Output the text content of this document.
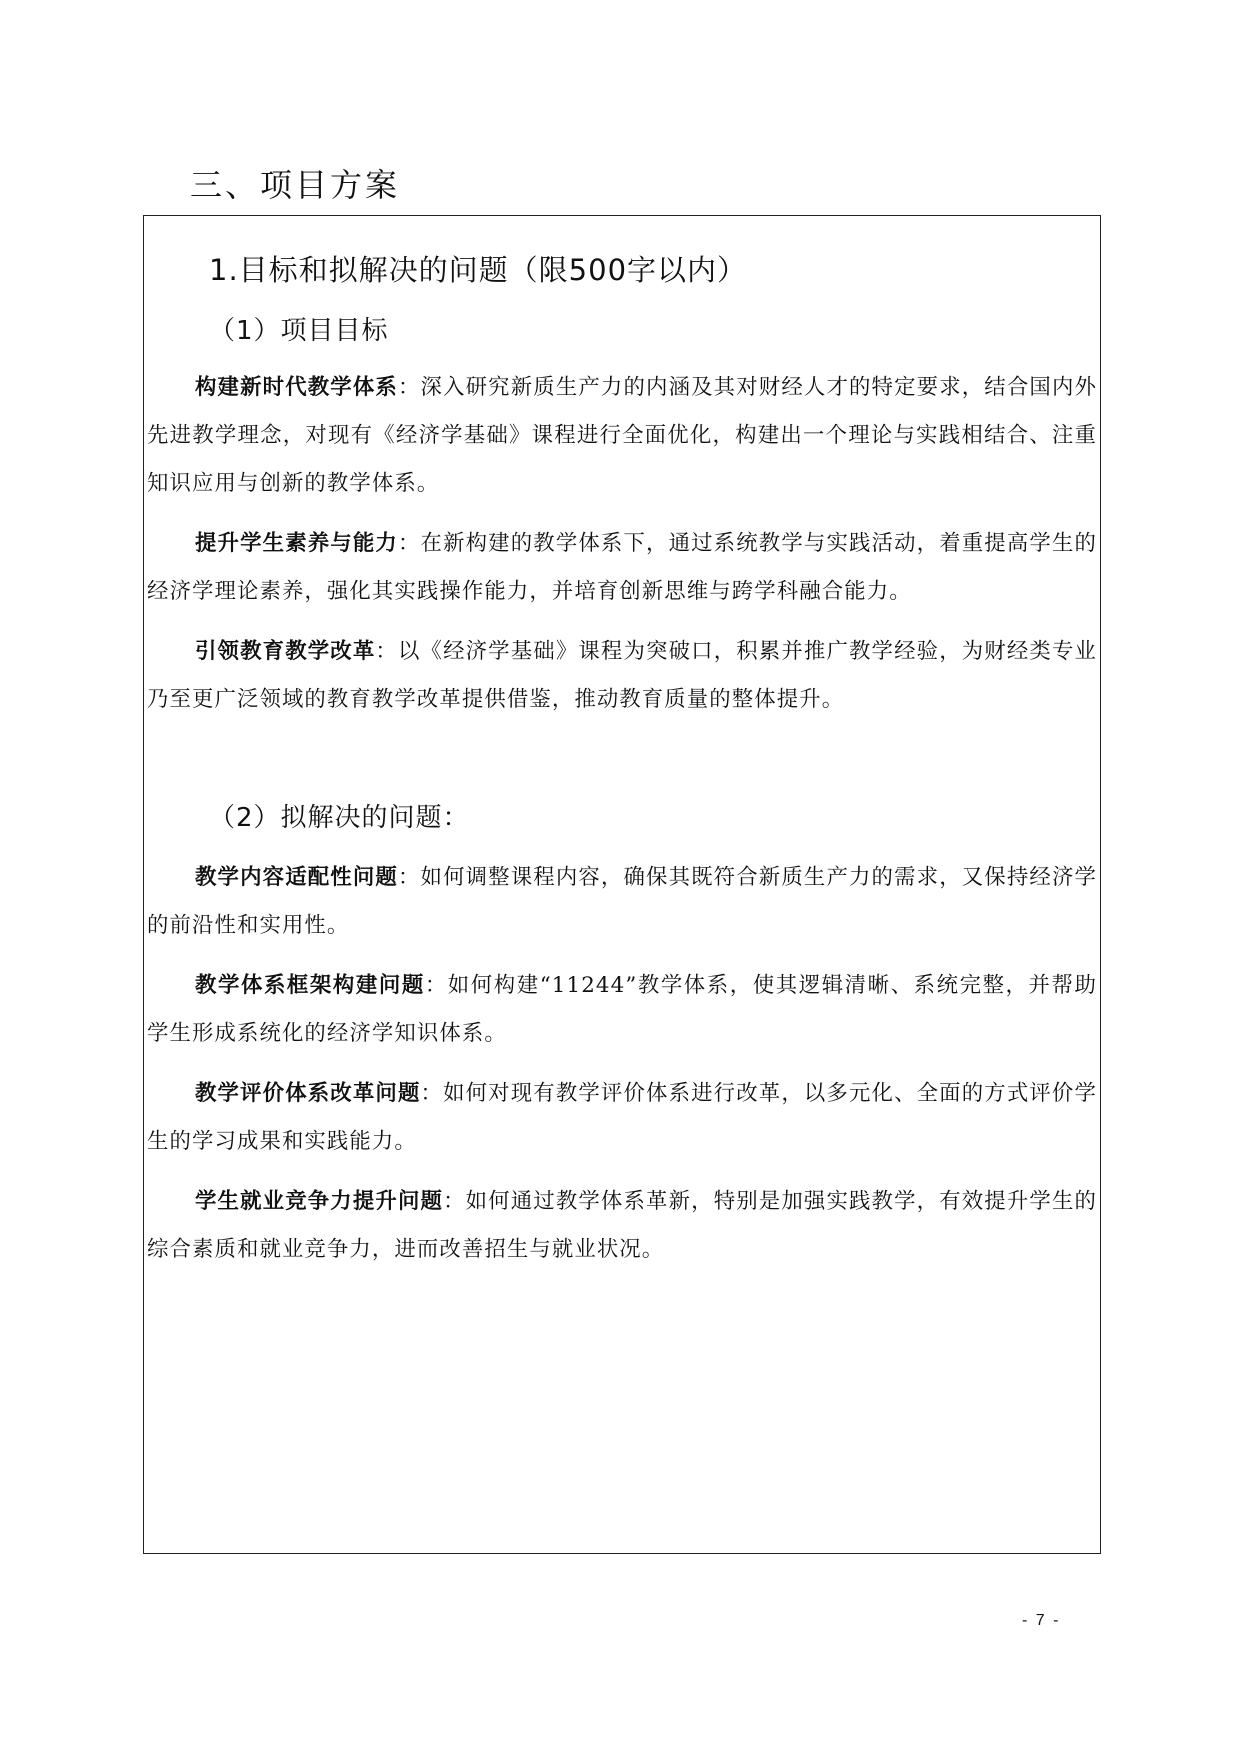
三、项目方案
1.目标和拟解决的问题（限500字以内）
（1）项目目标

构建新时代教学体系：深入研究新质生产力的内涵及其对财经人才的特定要求，结合国内外先进教学理念，对现有《经济学基础》课程进行全面优化，构建出一个理论与实践相结合、注重知识应用与创新的教学体系。

提升学生素养与能力：在新构建的教学体系下，通过系统教学与实践活动，着重提高学生的经济学理论素养，强化其实践操作能力，并培育创新思维与跨学科融合能力。

引领教育教学改革：以《经济学基础》课程为突破口，积累并推广教学经验，为财经类专业乃至更广泛领域的教育教学改革提供借鉴，推动教育质量的整体提升。

（2）拟解决的问题：

教学内容适配性问题：如何调整课程内容，确保其既符合新质生产力的需求，又保持经济学的前沿性和实用性。

教学体系框架构建问题：如何构建“11244”教学体系，使其逻辑清晰、系统完整，并帮助学生形成系统化的经济学知识体系。

教学评价体系改革问题：如何对现有教学评价体系进行改革，以多元化、全面的方式评价学生的学习成果和实践能力。

学生就业竞争力提升问题：如何通过教学体系革新，特别是加强实践教学，有效提升学生的综合素质和就业竞争力，进而改善招生与就业状况。

- 7 -
